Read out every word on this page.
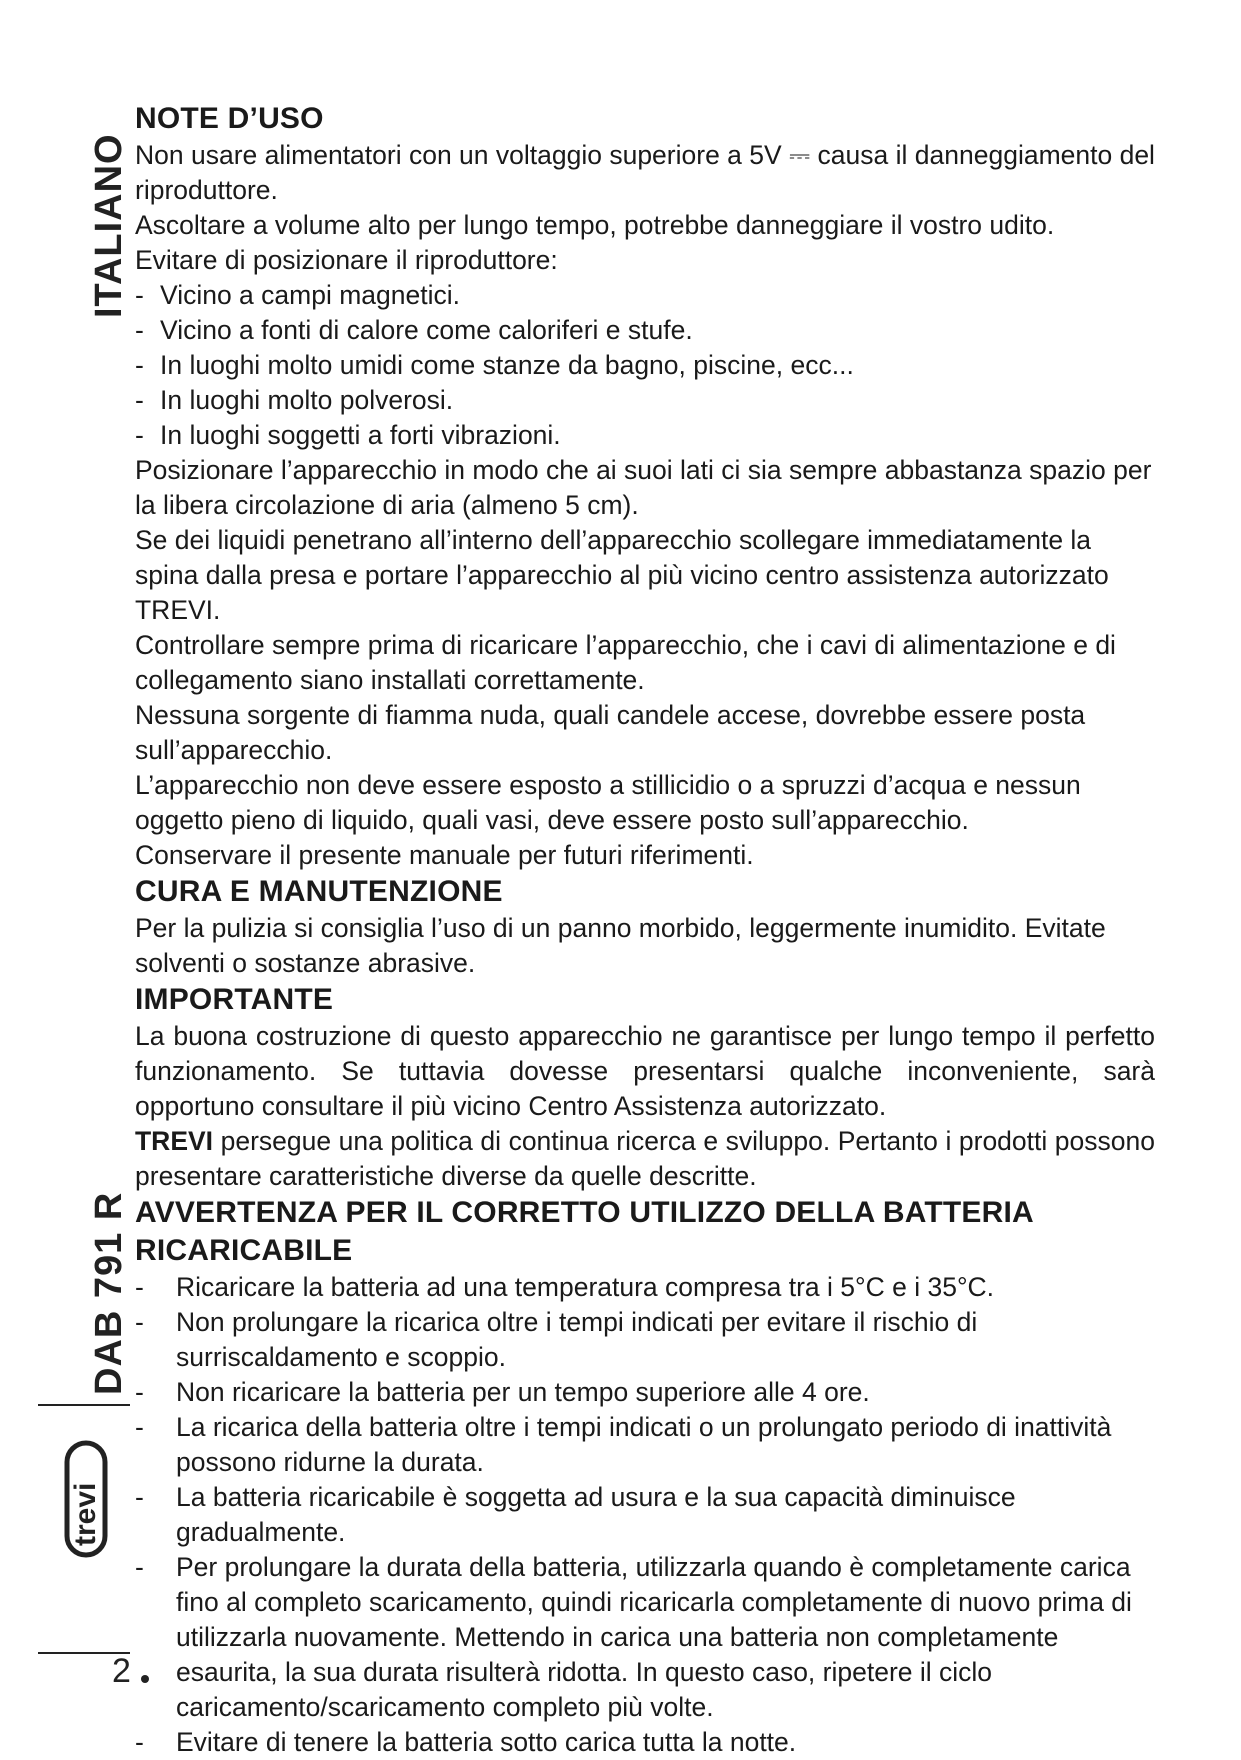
ITALIANO
DAB 791 R
trevi
2

NOTE D’USO

Non usare alimentatori con un voltaggio superiore a 5V ⎓ causa il danneggiamento del riproduttore.

Ascoltare a volume alto per lungo tempo, potrebbe danneggiare il vostro udito.

Evitare di posizionare il riproduttore:

- Vicino a campi magnetici.
- Vicino a fonti di calore come caloriferi e stufe.
- In luoghi molto umidi come stanze da bagno, piscine, ecc...
- In luoghi molto polverosi.
- In luoghi soggetti a forti vibrazioni.

Posizionare l’apparecchio in modo che ai suoi lati ci sia sempre abbastanza spazio per la libera circolazione di aria (almeno 5 cm).

Se dei liquidi penetrano all’interno dell’apparecchio scollegare immediatamente la spina dalla presa e portare l’apparecchio al più vicino centro assistenza autorizzato TREVI.

Controllare sempre prima di ricaricare l’apparecchio, che i cavi di alimentazione e di collegamento siano installati correttamente.

Nessuna sorgente di fiamma nuda, quali candele accese, dovrebbe essere posta sull’apparecchio.

L’apparecchio non deve essere esposto a stillicidio o a spruzzi d’acqua e nessun oggetto pieno di liquido, quali vasi, deve essere posto sull’apparecchio.

Conservare il presente manuale per futuri riferimenti.

CURA E MANUTENZIONE

Per la pulizia si consiglia l’uso di un panno morbido, leggermente inumidito. Evitate solventi o sostanze abrasive.

IMPORTANTE

La buona costruzione di questo apparecchio ne garantisce per lungo tempo il perfetto funzionamento. Se tuttavia dovesse presentarsi qualche inconveniente, sarà opportuno consultare il più vicino Centro Assistenza autorizzato.

TREVI persegue una politica di continua ricerca e sviluppo. Pertanto i prodotti possono presentare caratteristiche diverse da quelle descritte.

AVVERTENZA PER IL CORRETTO UTILIZZO DELLA BATTERIA RICARICABILE

- Ricaricare la batteria ad una temperatura compresa tra i 5°C e i 35°C.
- Non prolungare la ricarica oltre i tempi indicati per evitare il rischio di surriscaldamento e scoppio.
- Non ricaricare la batteria per un tempo superiore alle 4 ore.
- La ricarica della batteria oltre i tempi indicati o un prolungato periodo di inattività possono ridurne la durata.
- La batteria ricaricabile è soggetta ad usura e la sua capacità diminuisce gradualmente.
- Per prolungare la durata della batteria, utilizzarla quando è completamente carica fino al completo scaricamento, quindi ricaricarla completamente di nuovo prima di utilizzarla nuovamente. Mettendo in carica una batteria non completamente esaurita, la sua durata risulterà ridotta. In questo caso, ripetere il ciclo caricamento/scaricamento completo più volte.
- Evitare di tenere la batteria sotto carica tutta la notte.
